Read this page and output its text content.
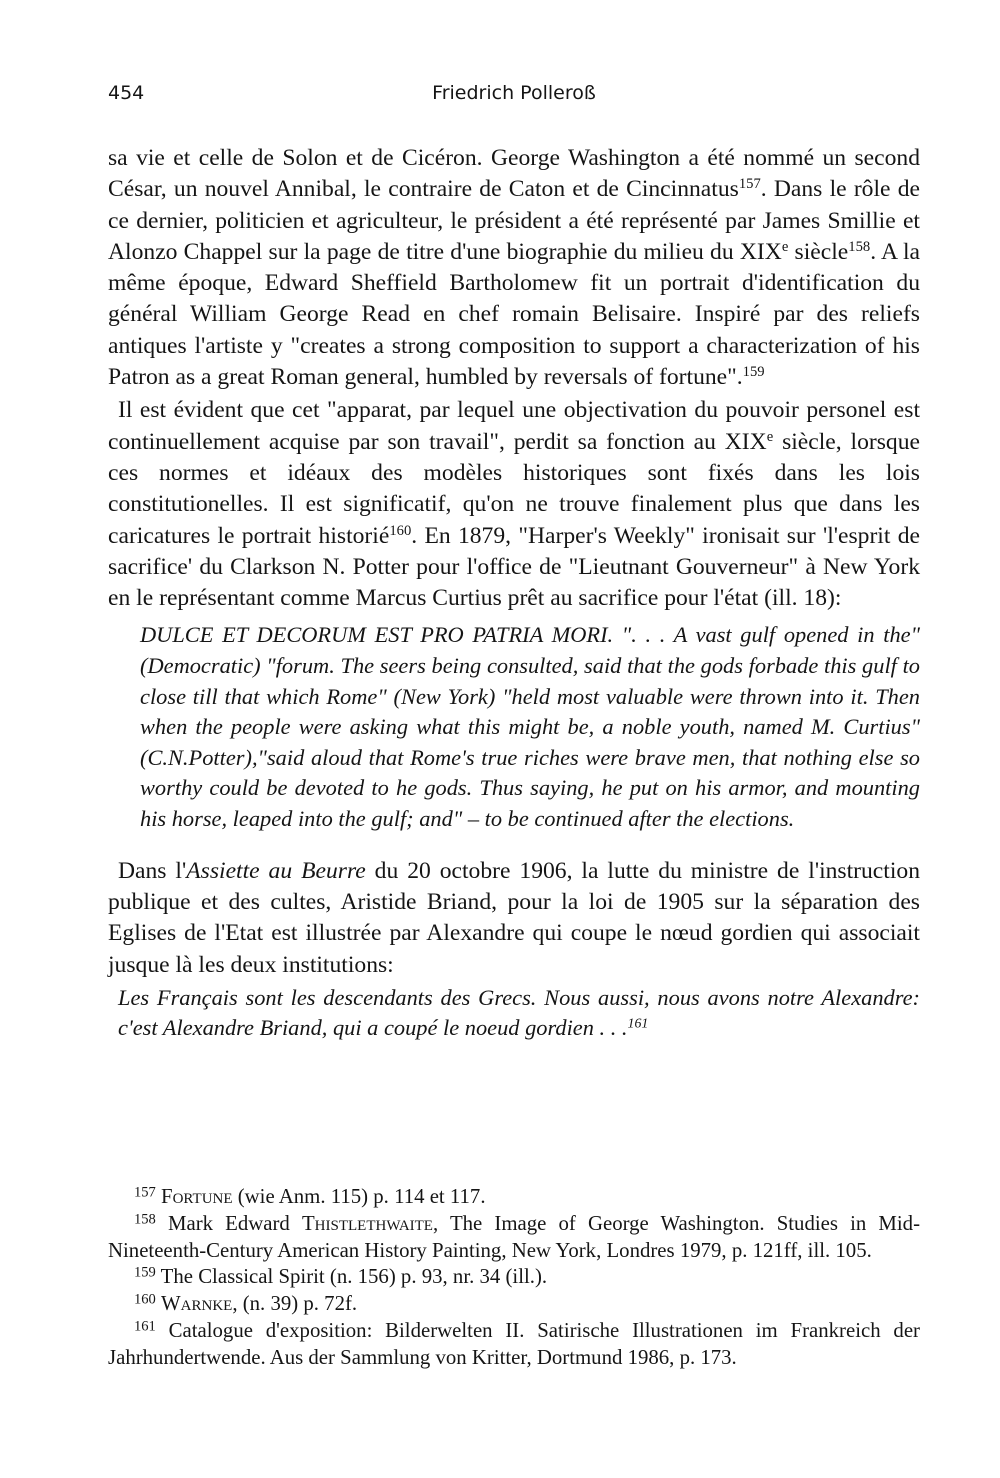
454	Friedrich Polleroß

sa vie et celle de Solon et de Cicéron. George Washington a été nommé un second César, un nouvel Annibal, le contraire de Caton et de Cincinnatus$^{157}$. Dans le rôle de ce dernier, politicien et agriculteur, le président a été représenté par James Smillie et Alonzo Chappel sur la page de titre d'une biographie du milieu du XIXe siècle$^{158}$. A la même époque, Edward Sheffield Bartholomew fit un portrait d'identification du général William George Read en chef romain Belisaire. Inspiré par des reliefs antiques l'artiste y "creates a strong composition to support a characterization of his Patron as a great Roman general, humbled by reversals of fortune".$^{159}$

Il est évident que cet "apparat, par lequel une objectivation du pouvoir personel est continuellement acquise par son travail", perdit sa fonction au XIXe siècle, lorsque ces normes et idéaux des modèles historiques sont fixés dans les lois constitutionelles. Il est significatif, qu'on ne trouve finalement plus que dans les caricatures le portrait historié$^{160}$. En 1879, "Harper's Weekly" ironisait sur 'l'esprit de sacrifice' du Clarkson N. Potter pour l'office de "Lieutnant Gouverneur" à New York en le représentant comme Marcus Curtius prêt au sacrifice pour l'état (ill. 18):

DULCE ET DECORUM EST PRO PATRIA MORI. ". . . A vast gulf opened in the" (Democratic) "forum. The seers being consulted, said that the gods forbade this gulf to close till that which Rome" (New York) "held most valuable were thrown into it. Then when the people were asking what this might be, a noble youth, named M. Curtius" (C.N.Potter),"said aloud that Rome's true riches were brave men, that nothing else so worthy could be devoted to he gods. Thus saying, he put on his armor, and mounting his horse, leaped into the gulf; and" – to be continued after the elections.

Dans l'Assiette au Beurre du 20 octobre 1906, la lutte du ministre de l'instruction publique et des cultes, Aristide Briand, pour la loi de 1905 sur la séparation des Eglises de l'Etat est illustrée par Alexandre qui coupe le nœud gordien qui associait jusque là les deux institutions:

Les Français sont les descendants des Grecs. Nous aussi, nous avons notre Alexandre: c'est Alexandre Briand, qui a coupé le noeud gordien . . .$^{161}$
$^{157}$ Fortune (wie Anm. 115) p. 114 et 117.
$^{158}$ Mark Edward Thistlethwaite, The Image of George Washington. Studies in Mid-Nineteenth-Century American History Painting, New York, Londres 1979, p. 121ff, ill. 105.
$^{159}$ The Classical Spirit (n. 156) p. 93, nr. 34 (ill.).
$^{160}$ Warnke, (n. 39) p. 72f.
$^{161}$ Catalogue d'exposition: Bilderwelten II. Satirische Illustrationen im Frankreich der Jahrhundertwende. Aus der Sammlung von Kritter, Dortmund 1986, p. 173.
